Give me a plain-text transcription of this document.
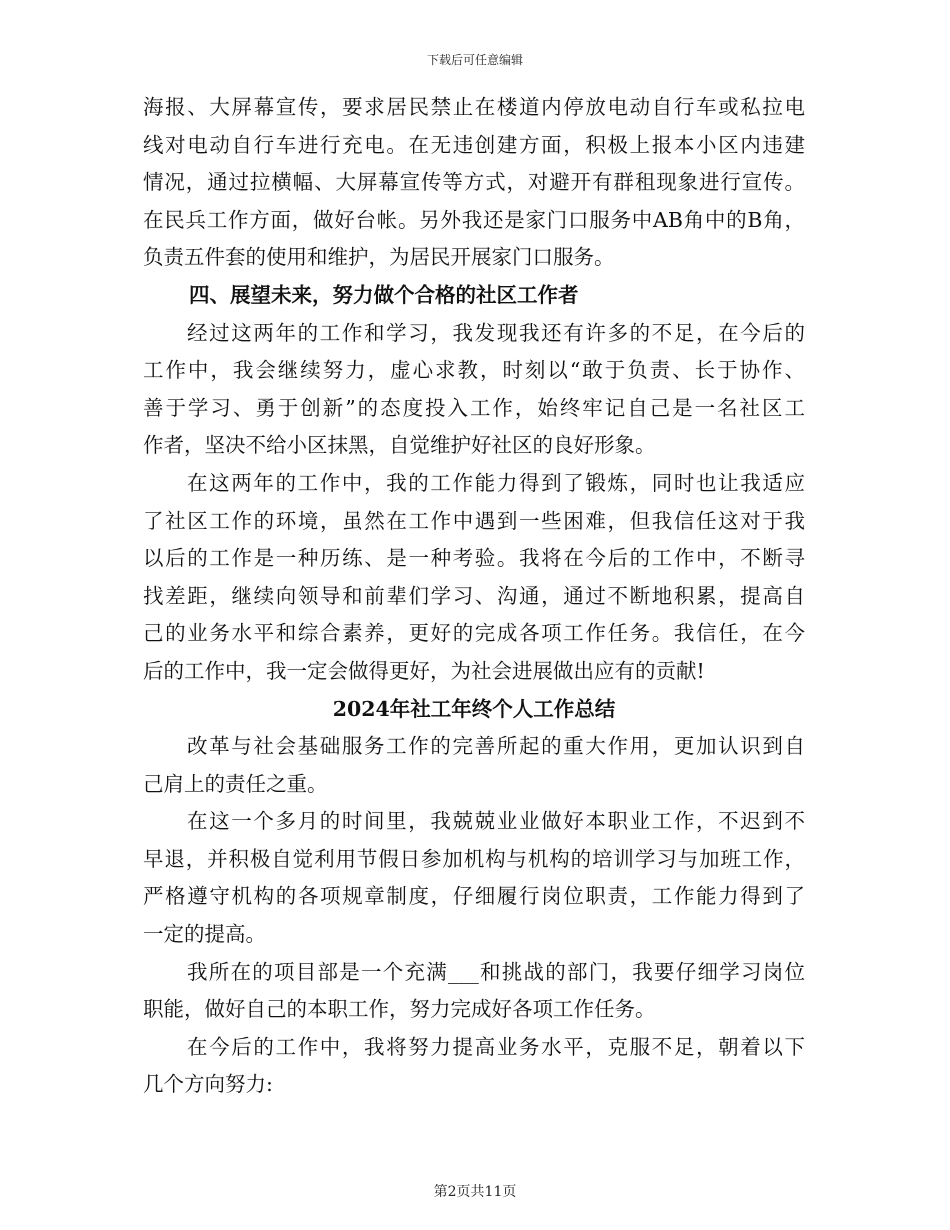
下载后可任意编辑
海报、大屏幕宣传，要求居民禁止在楼道内停放电动自行车或私拉电
线对电动自行车进行充电。在无违创建方面，积极上报本小区内违建
情况，通过拉横幅、大屏幕宣传等方式，对避开有群租现象进行宣传。
在民兵工作方面，做好台帐。另外我还是家门口服务中AB角中的B角，
负责五件套的使用和维护，为居民开展家门口服务。
四、展望未来，努力做个合格的社区工作者
经过这两年的工作和学习，我发现我还有许多的不足，在今后的
工作中，我会继续努力，虚心求教，时刻以“敢于负责、长于协作、
善于学习、勇于创新”的态度投入工作，始终牢记自己是一名社区工
作者，坚决不给小区抹黑，自觉维护好社区的良好形象。
在这两年的工作中，我的工作能力得到了锻炼，同时也让我适应
了社区工作的环境，虽然在工作中遇到一些困难，但我信任这对于我
以后的工作是一种历练、是一种考验。我将在今后的工作中，不断寻
找差距，继续向领导和前辈们学习、沟通，通过不断地积累，提高自
己的业务水平和综合素养，更好的完成各项工作任务。我信任，在今
后的工作中，我一定会做得更好，为社会进展做出应有的贡献!
2024年社工年终个人工作总结
改革与社会基础服务工作的完善所起的重大作用，更加认识到自
己肩上的责任之重。
在这一个多月的时间里，我兢兢业业做好本职业工作，不迟到不
早退，并积极自觉利用节假日参加机构与机构的培训学习与加班工作，
严格遵守机构的各项规章制度，仔细履行岗位职责，工作能力得到了
一定的提高。
我所在的项目部是一个充满___和挑战的部门，我要仔细学习岗位
职能，做好自己的本职工作，努力完成好各项工作任务。
在今后的工作中，我将努力提高业务水平，克服不足，朝着以下
几个方向努力:
第2页共11页
